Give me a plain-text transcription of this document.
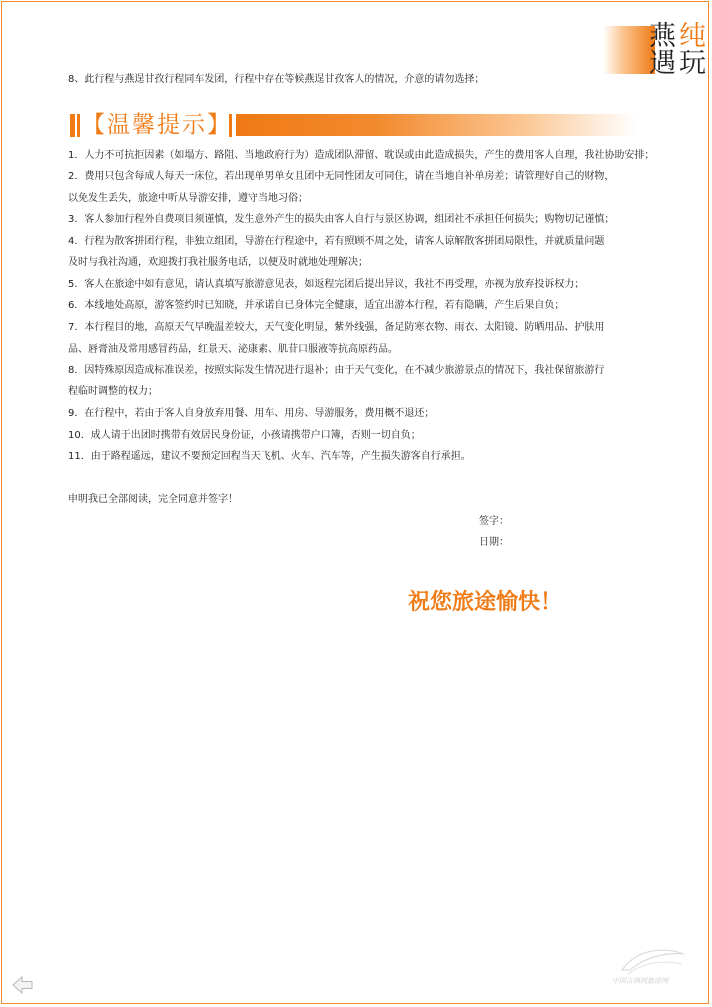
燕 纯
遇 玩
8、此行程与燕逞甘孜行程同车发团，行程中存在等候燕逞甘孜客人的情况，介意的请勿选择；
【温馨提示】
1．人力不可抗拒因素（如塌方、路阻、当地政府行为）造成团队滞留、耽误或由此造成损失，产生的费用客人自理，我社协助安排；
2．费用只包含每成人每天一床位，若出现单男单女且团中无同性团友可同住，请在当地自补单房差；请管理好自己的财物，
以免发生丢失，旅途中听从导游安排，遵守当地习俗；
3．客人参加行程外自费项目须谨慎，发生意外产生的损失由客人自行与景区协调，组团社不承担任何损失；购物切记谨慎；
4．行程为散客拼团行程，非独立组团，导游在行程途中，若有照顾不周之处，请客人谅解散客拼团局限性，并就质量问题
及时与我社沟通，欢迎拨打我社服务电话，以便及时就地处理解决；
5．客人在旅途中如有意见，请认真填写旅游意见表，如返程完团后提出异议，我社不再受理，亦视为放弃投诉权力；
6．本线地处高原，游客签约时已知晓，并承诺自已身体完全健康，适宜出游本行程，若有隐瞒，产生后果自负；
7．本行程目的地，高原天气早晚温差较大，天气变化明显，紫外线强，备足防寒衣物、雨衣、太阳镜、防晒用品、护肤用
品、唇膏油及常用感冒药品，红景天、泌康素、肌苷口服液等抗高原药品。
8．因特殊原因造成标准误差，按照实际发生情况进行退补；由于天气变化，在不减少旅游景点的情况下，我社保留旅游行
程临时调整的权力；
9．在行程中，若由于客人自身放弃用餐、用车、用房、导游服务，费用概不退还；
10．成人请于出团时携带有效居民身份证，小孩请携带户口簿，否则一切自负；
11．由于路程遥远，建议不要预定回程当天飞机、火车、汽车等，产生损失游客自行承担。
申明我已全部阅读，完全同意并签字！
签字：
日期：
祝您旅途愉快！
中国古镇网旅游网
